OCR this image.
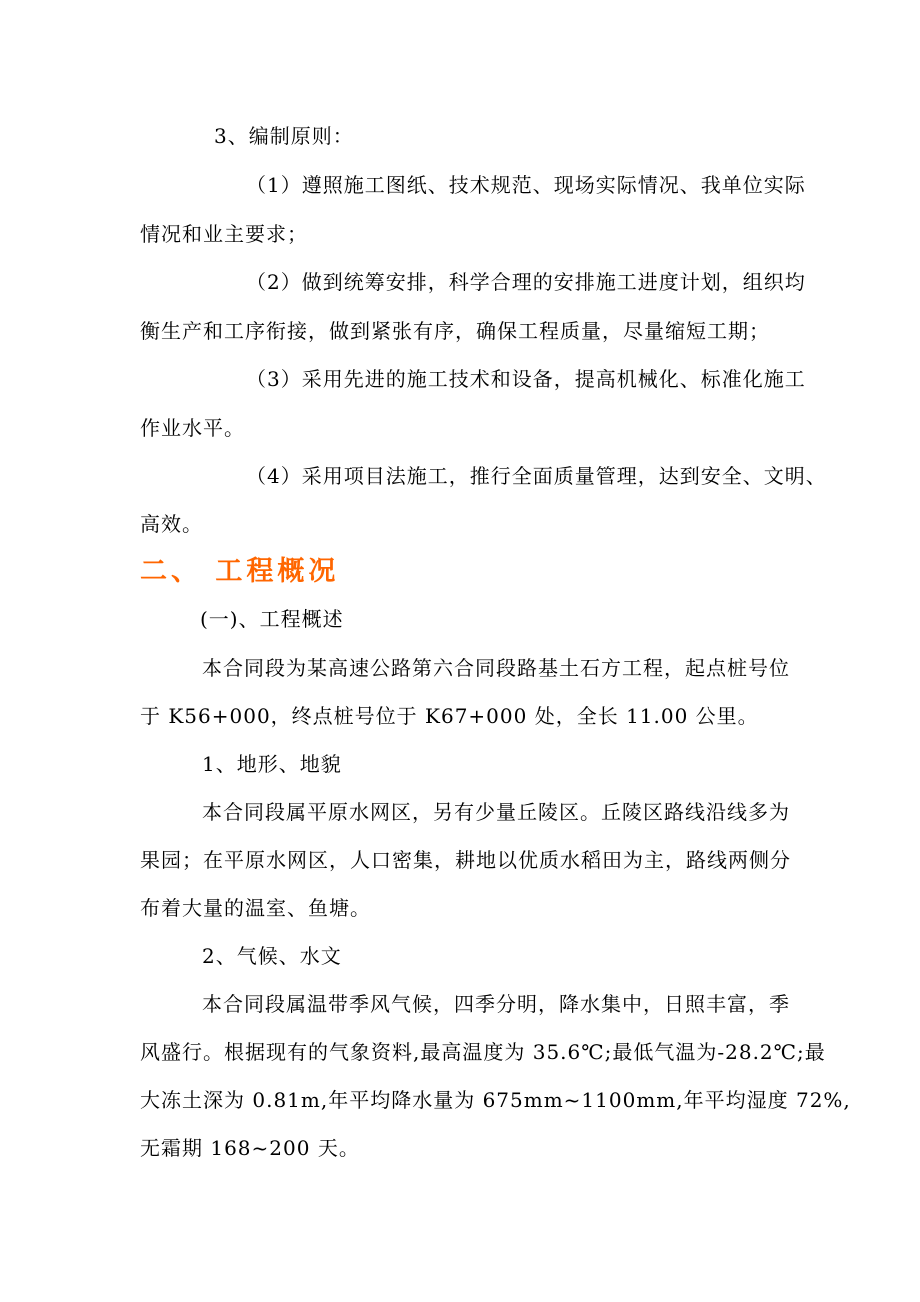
3、编制原则：
（1）遵照施工图纸、技术规范、现场实际情况、我单位实际
情况和业主要求；
（2）做到统筹安排，科学合理的安排施工进度计划，组织均
衡生产和工序衔接，做到紧张有序，确保工程质量，尽量缩短工期；
（3）采用先进的施工技术和设备，提高机械化、标准化施工
作业水平。
（4）采用项目法施工，推行全面质量管理，达到安全、文明、
高效。
二、 工程概况
(一)、工程概述
本合同段为某高速公路第六合同段路基土石方工程，起点桩号位
于 K56+000，终点桩号位于 K67+000 处，全长 11.00 公里。
1、地形、地貌
本合同段属平原水网区，另有少量丘陵区。丘陵区路线沿线多为
果园；在平原水网区，人口密集，耕地以优质水稻田为主，路线两侧分
布着大量的温室、鱼塘。
2、气候、水文
本合同段属温带季风气候，四季分明，降水集中，日照丰富，季
风盛行。根据现有的气象资料,最高温度为 35.6℃;最低气温为-28.2℃;最
大冻土深为 0.81m,年平均降水量为 675mm~1100mm,年平均湿度 72%,
无霜期 168~200 天。
